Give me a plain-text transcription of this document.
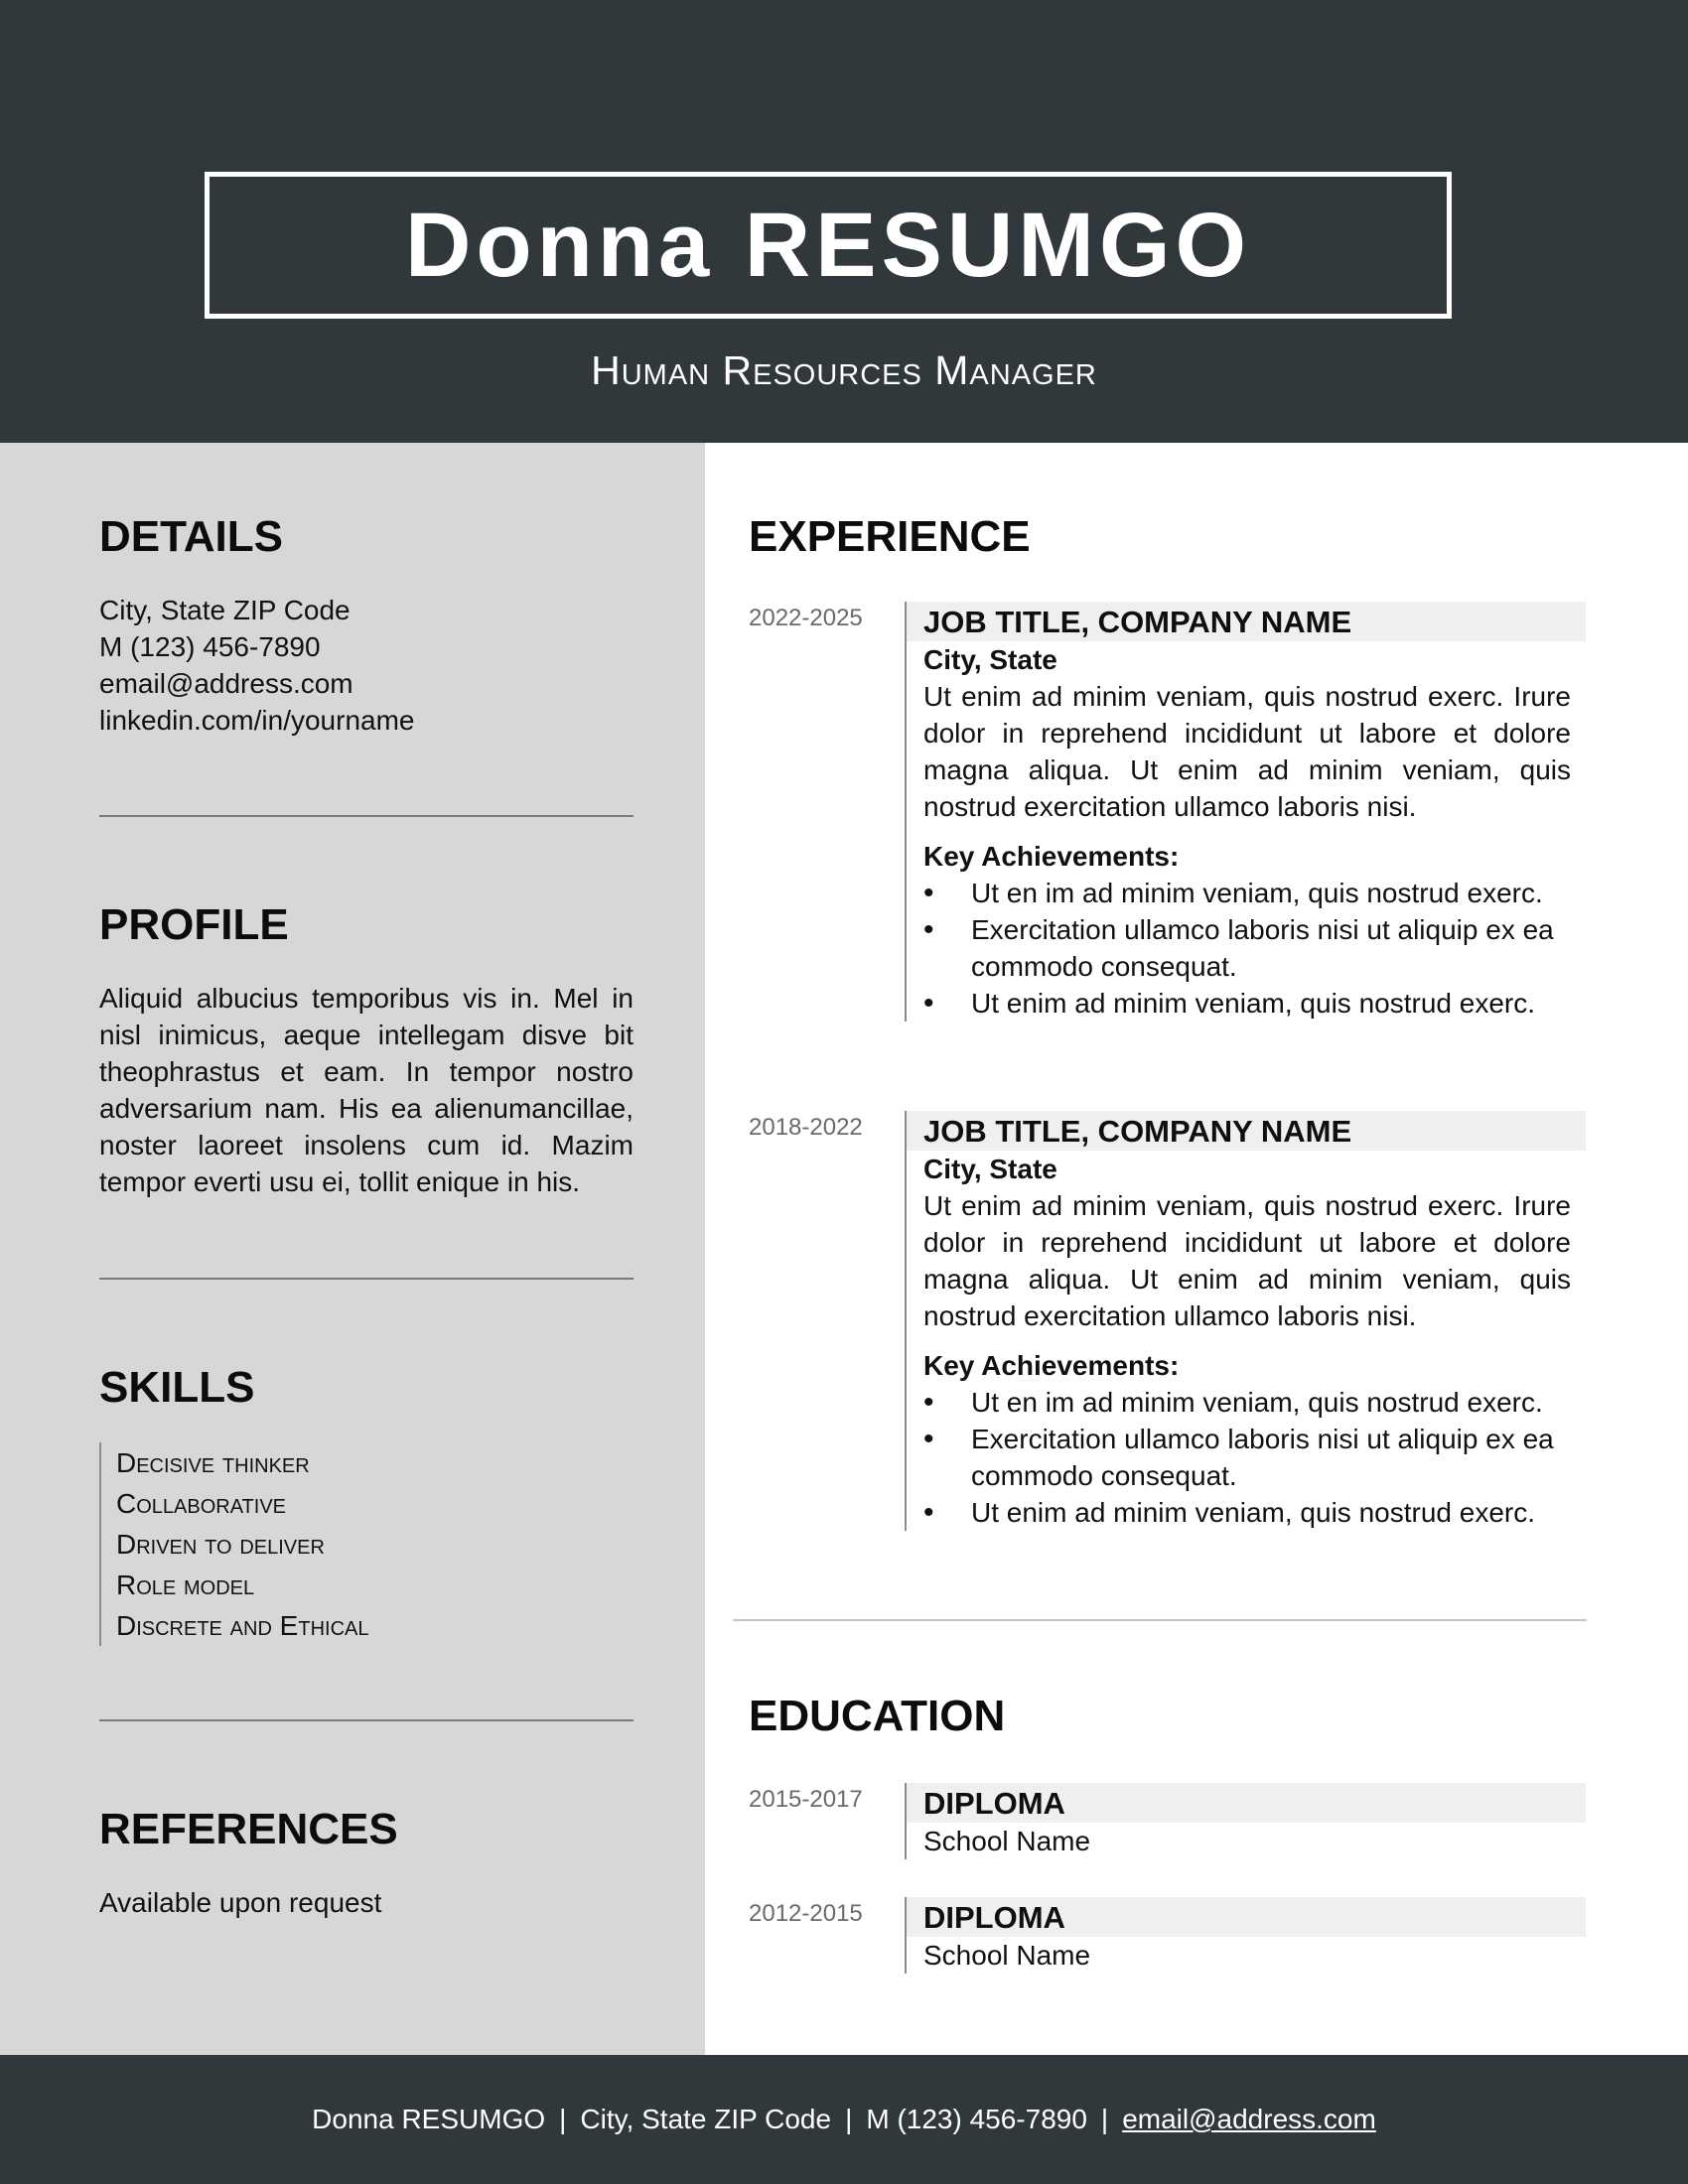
Donna RESUMGO
Human Resources Manager
DETAILS
City, State ZIP Code
M (123) 456-7890
email@address.com
linkedin.com/in/yourname
PROFILE
Aliquid albucius temporibus vis in. Mel in nisl inimicus, aeque intellegam disve bit theophrastus et eam. In tempor nostro adversarium nam. His ea alienumancillae, noster laoreet insolens cum id. Mazim tempor everti usu ei, tollit enique in his.
SKILLS
Decisive thinker
Collaborative
Driven to deliver
Role model
Discrete and Ethical
REFERENCES
Available upon request
EXPERIENCE
2022-2025	JOB TITLE, COMPANY NAME
City, State
Ut enim ad minim veniam, quis nostrud exerc. Irure dolor in reprehend incididunt ut labore et dolore magna aliqua. Ut enim ad minim veniam, quis nostrud exercitation ullamco laboris nisi.
Key Achievements:
• Ut en im ad minim veniam, quis nostrud exerc.
• Exercitation ullamco laboris nisi ut aliquip ex ea commodo consequat.
• Ut enim ad minim veniam, quis nostrud exerc.
2018-2022	JOB TITLE, COMPANY NAME
City, State
Ut enim ad minim veniam, quis nostrud exerc. Irure dolor in reprehend incididunt ut labore et dolore magna aliqua. Ut enim ad minim veniam, quis nostrud exercitation ullamco laboris nisi.
Key Achievements:
• Ut en im ad minim veniam, quis nostrud exerc.
• Exercitation ullamco laboris nisi ut aliquip ex ea commodo consequat.
• Ut enim ad minim veniam, quis nostrud exerc.
EDUCATION
2015-2017	DIPLOMA
School Name
2012-2015	DIPLOMA
School Name
Donna RESUMGO | City, State ZIP Code | M (123) 456-7890 | email@address.com
